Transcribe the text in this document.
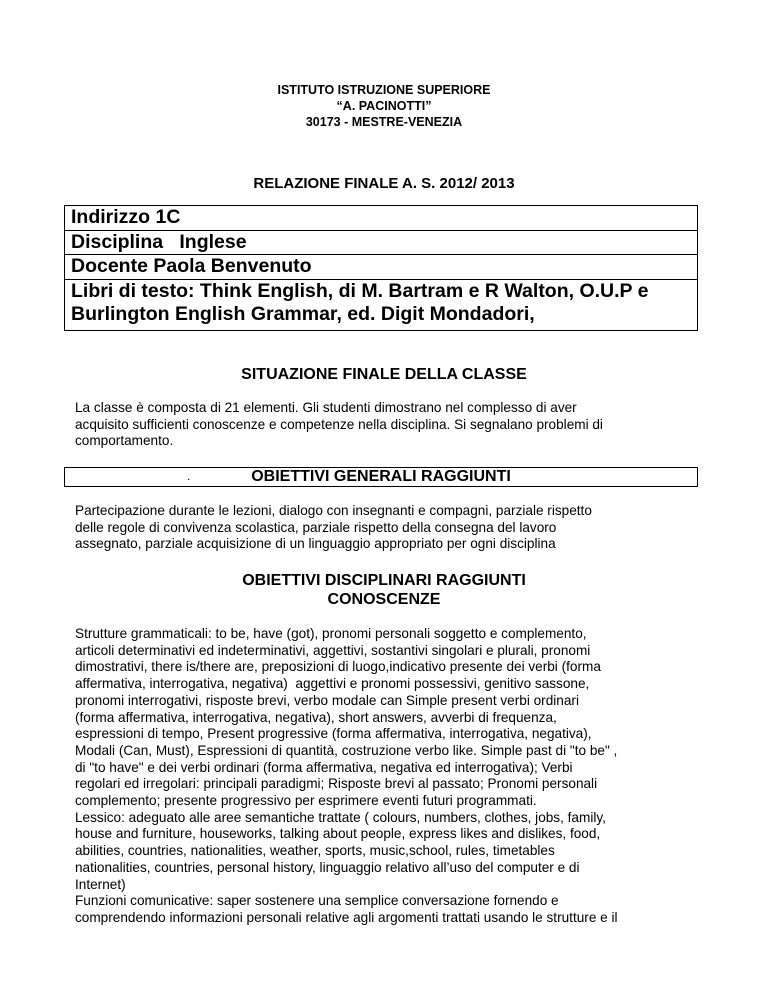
ISTITUTO ISTRUZIONE SUPERIORE
“A. PACINOTTI”
30173 - MESTRE-VENEZIA
RELAZIONE FINALE A. S. 2012/ 2013
Indirizzo 1C
Disciplina   Inglese
Docente Paola Benvenuto

Libri di testo: Think English, di M. Bartram e R Walton, O.U.P e
Burlington English Grammar, ed. Digit Mondadori,
SITUAZIONE FINALE DELLA CLASSE
La classe è composta di 21 elementi. Gli studenti dimostrano nel complesso di aver
acquisito sufficienti conoscenze e competenze nella disciplina. Si segnalano problemi di
comportamento.
.	OBIETTIVI GENERALI RAGGIUNTI
Partecipazione durante le lezioni, dialogo con insegnanti e compagni, parziale rispetto
delle regole di convivenza scolastica, parziale rispetto della consegna del lavoro
assegnato, parziale acquisizione di un linguaggio appropriato per ogni disciplina
OBIETTIVI DISCIPLINARI RAGGIUNTI
CONOSCENZE
Strutture grammaticali: to be, have (got), pronomi personali soggetto e complemento,
articoli determinativi ed indeterminativi, aggettivi, sostantivi singolari e plurali, pronomi
dimostrativi, there is/there are, preposizioni di luogo,indicativo presente dei verbi (forma
affermativa, interrogativa, negativa)  aggettivi e pronomi possessivi, genitivo sassone,
pronomi interrogativi, risposte brevi, verbo modale can Simple present verbi ordinari
(forma affermativa, interrogativa, negativa), short answers, avverbi di frequenza,
espressioni di tempo, Present progressive (forma affermativa, interrogativa, negativa),
Modali (Can, Must), Espressioni di quantità, costruzione verbo like. Simple past di "to be" ,
di "to have" e dei verbi ordinari (forma affermativa, negativa ed interrogativa); Verbi
regolari ed irregolari: principali paradigmi; Risposte brevi al passato; Pronomi personali
complemento; presente progressivo per esprimere eventi futuri programmati.
Lessico: adeguato alle aree semantiche trattate ( colours, numbers, clothes, jobs, family,
house and furniture, houseworks, talking about people, express likes and dislikes, food,
abilities, countries, nationalities, weather, sports, music,school, rules, timetables
nationalities, countries, personal history, linguaggio relativo all’uso del computer e di
Internet)
Funzioni comunicative: saper sostenere una semplice conversazione fornendo e
comprendendo informazioni personali relative agli argomenti trattati usando le strutture e il
